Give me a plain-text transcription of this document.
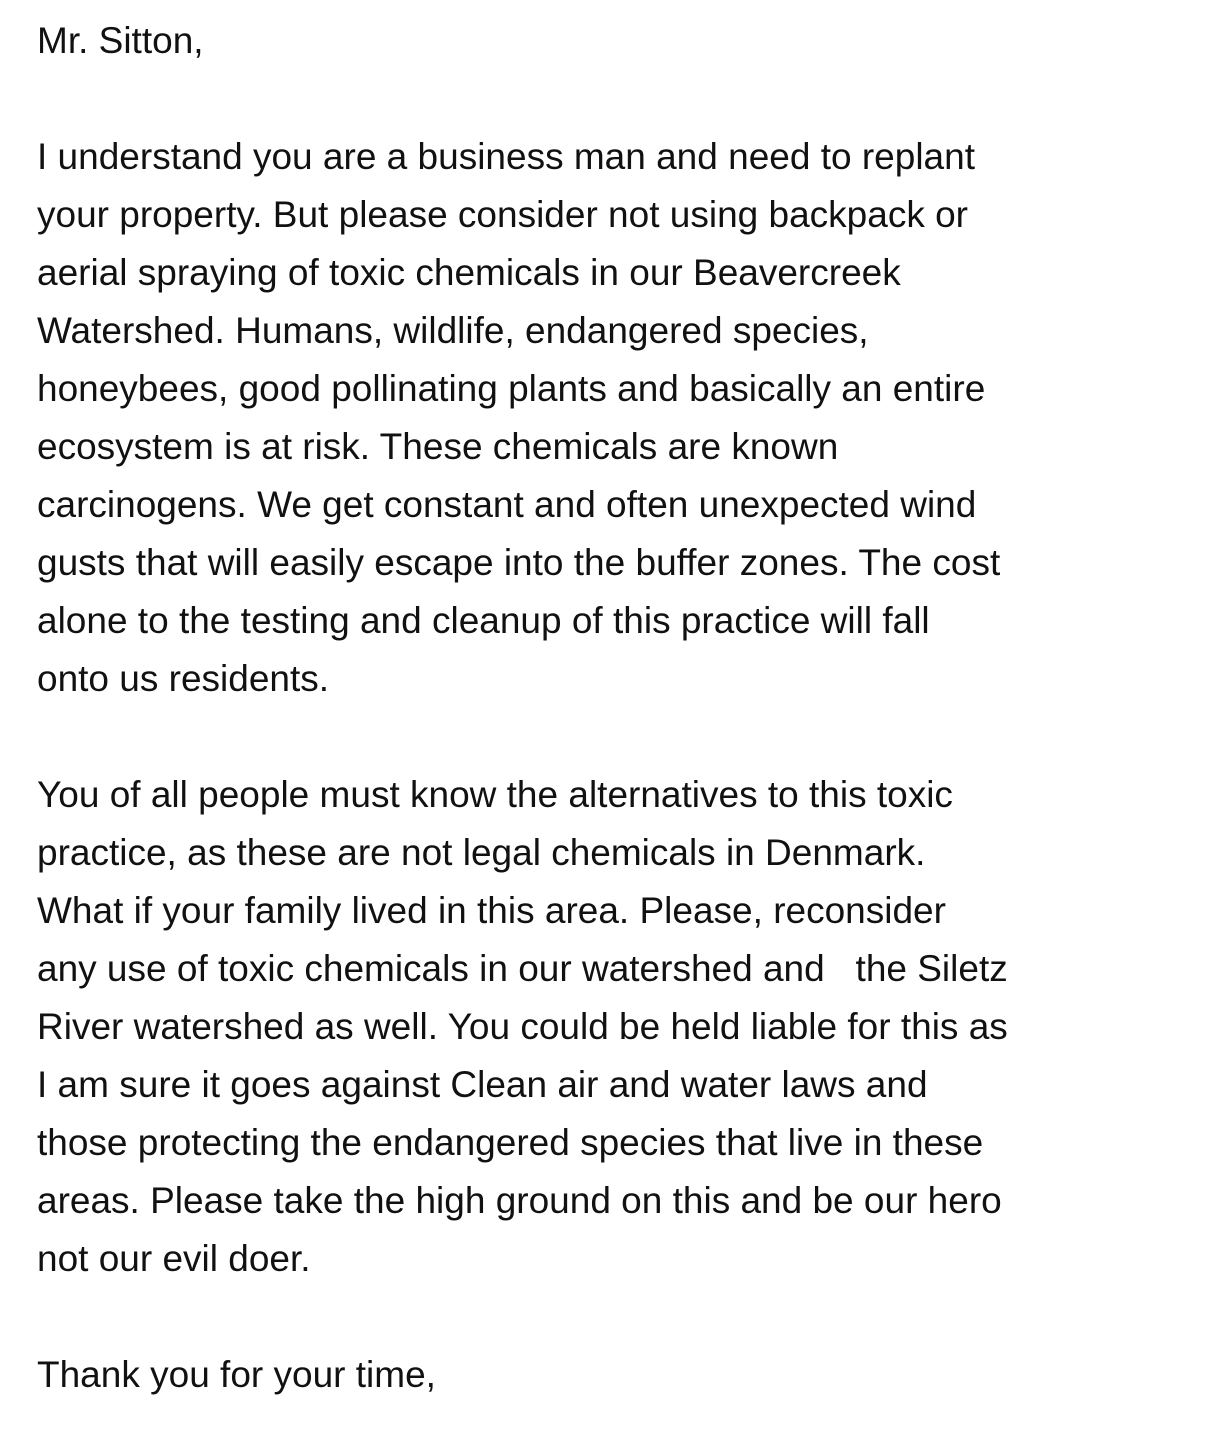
Mr. Sitton,
I understand you are a business man and need to replant
your property. But please consider not using backpack or
aerial spraying of toxic chemicals in our Beavercreek
Watershed. Humans, wildlife, endangered species,
honeybees, good pollinating plants and basically an entire
ecosystem is at risk. These chemicals are known
carcinogens. We get constant and often unexpected wind
gusts that will easily escape into the buffer zones. The cost
alone to the testing and cleanup of this practice will fall
onto us residents.
You of all people must know the alternatives to this toxic
practice, as these are not legal chemicals in Denmark.
What if your family lived in this area. Please, reconsider
any use of toxic chemicals in our watershed and   the Siletz
River watershed as well. You could be held liable for this as
I am sure it goes against Clean air and water laws and
those protecting the endangered species that live in these
areas. Please take the high ground on this and be our hero
not our evil doer.
Thank you for your time,
